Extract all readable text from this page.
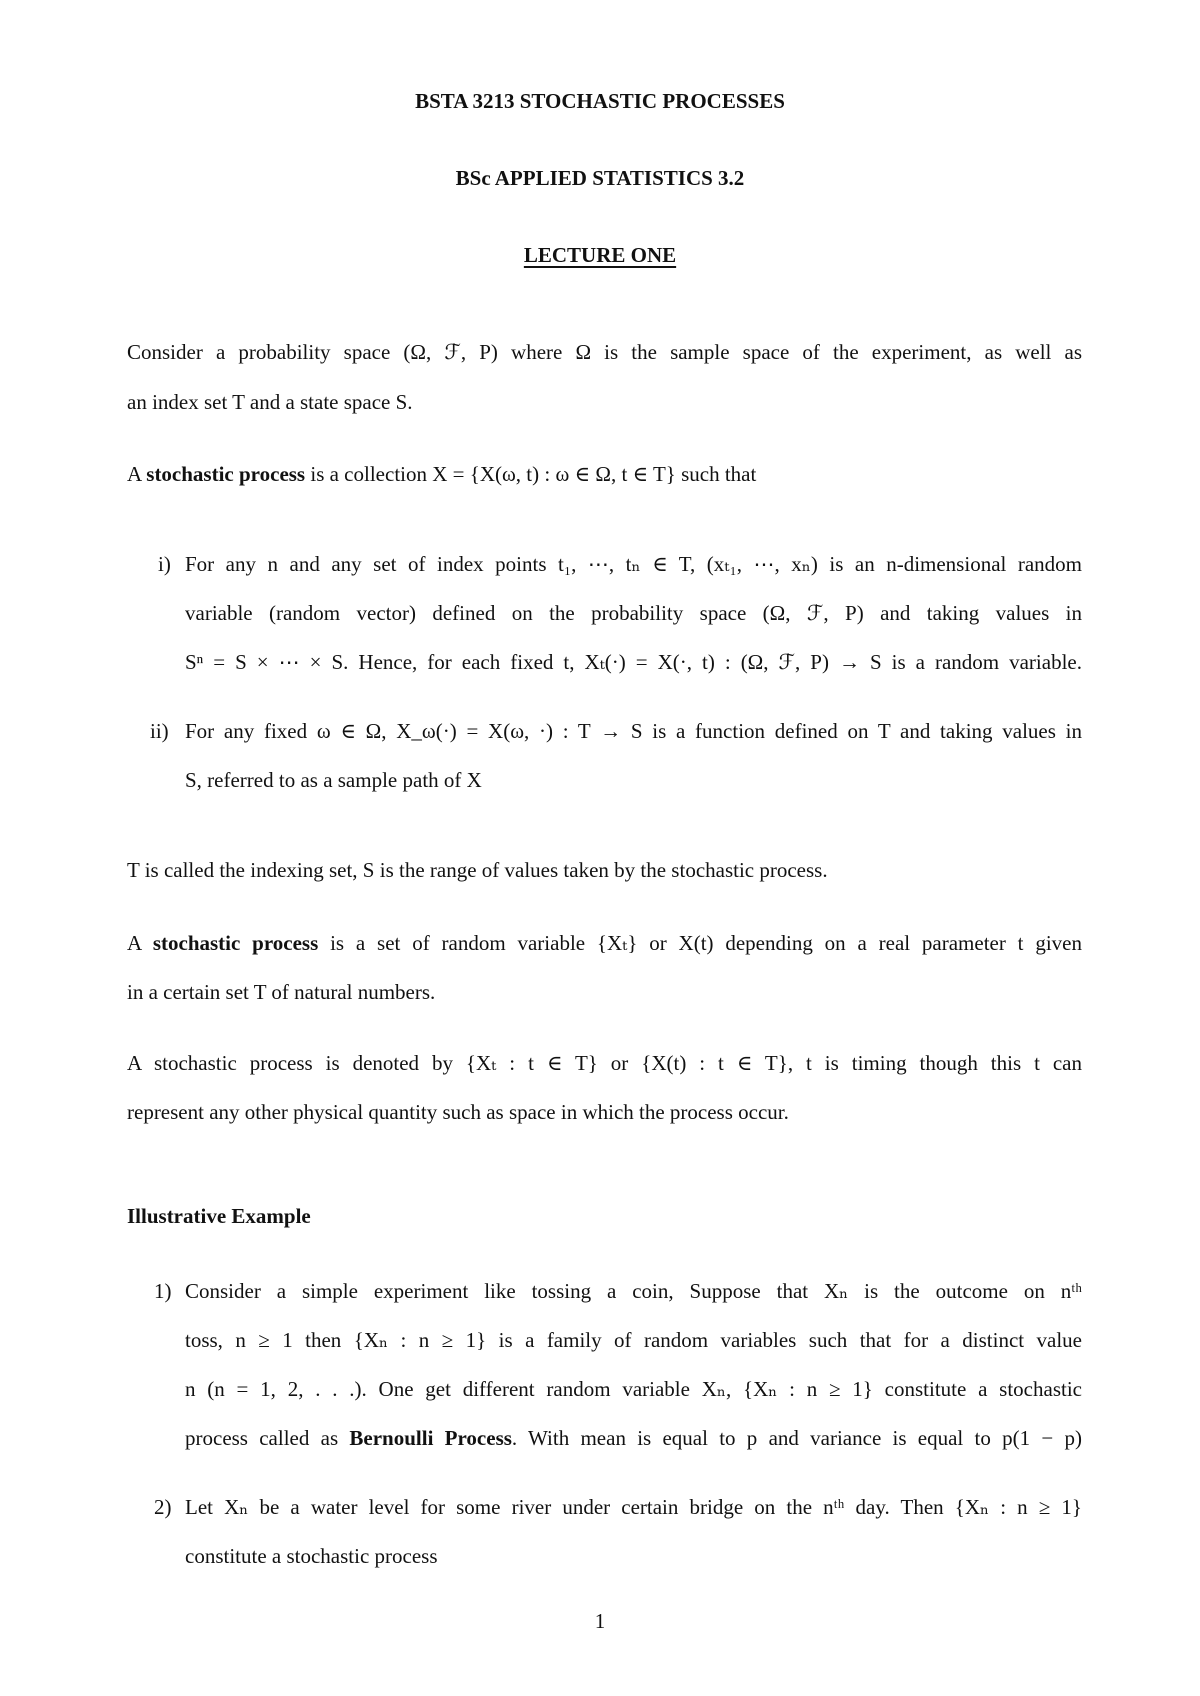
BSTA 3213 STOCHASTIC PROCESSES

BSc APPLIED STATISTICS 3.2

LECTURE ONE

Consider a probability space (Ω, ℱ, P) where Ω is the sample space of the experiment, as well as

an index set T and a state space S.

A stochastic process is a collection X = {X(ω, t) : ω ∈ Ω, t ∈ T} such that

i) For any n and any set of index points t₁, ⋯, tₙ ∈ T, (xₜ₁, ⋯, xₙ) is an n-dimensional random

variable (random vector) defined on the probability space (Ω, ℱ, P) and taking values in

Sⁿ = S × ⋯ × S. Hence, for each fixed t, Xₜ(·) = X(·, t) : (Ω, ℱ, P) → S is a random variable.

ii) For any fixed ω ∈ Ω, X_ω(·) = X(ω, ·) : T → S is a function defined on T and taking values in

S, referred to as a sample path of X

T is called the indexing set, S is the range of values taken by the stochastic process.

A stochastic process is a set of random variable {Xₜ} or X(t) depending on a real parameter t given

in a certain set T of natural numbers.

A stochastic process is denoted by {Xₜ : t ∈ T} or {X(t) : t ∈ T}, t is timing though this t can

represent any other physical quantity such as space in which the process occur.

Illustrative Example

1) Consider a simple experiment like tossing a coin, Suppose that Xₙ is the outcome on nᵗʰ

toss, n ≥ 1 then {Xₙ : n ≥ 1} is a family of random variables such that for a distinct value

n (n = 1, 2, . . .). One get different random variable Xₙ, {Xₙ : n ≥ 1} constitute a stochastic

process called as Bernoulli Process. With mean is equal to p and variance is equal to p(1 − p)

2) Let Xₙ be a water level for some river under certain bridge on the nᵗʰ day. Then {Xₙ : n ≥ 1}

constitute a stochastic process

1
